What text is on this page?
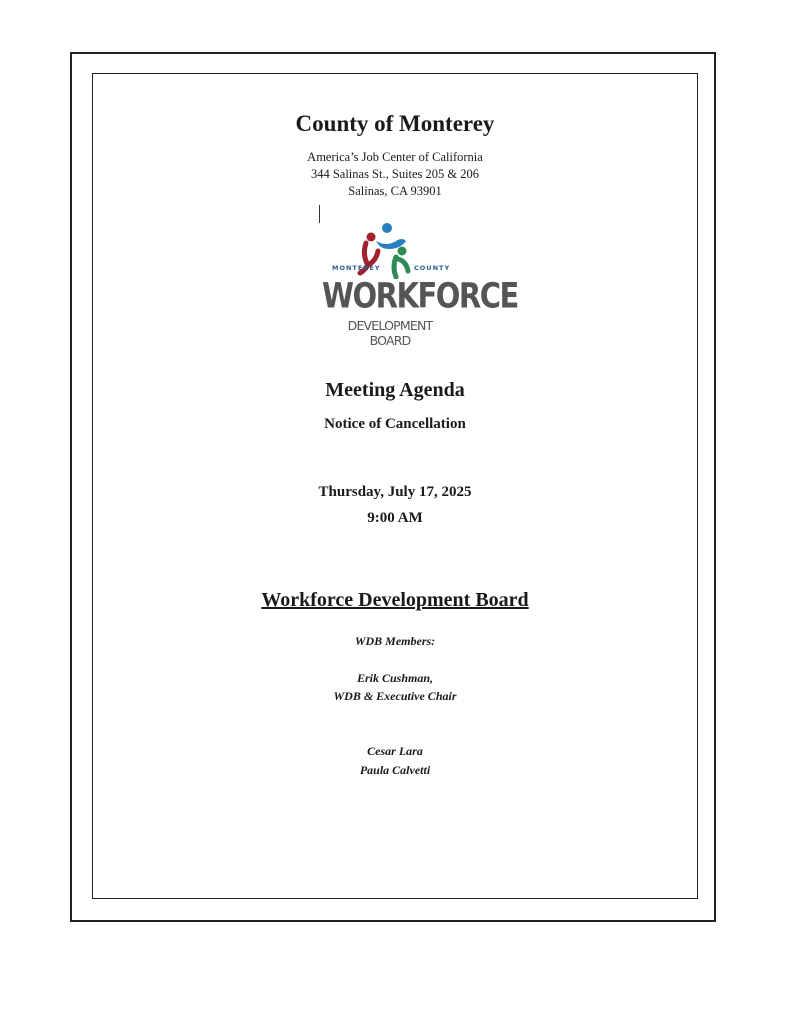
County of Monterey
America’s Job Center of California
344 Salinas St., Suites 205 & 206
Salinas, CA 93901
MONTEREY	COUNTY
WORKFORCE
DEVELOPMENT BOARD
Meeting Agenda
Notice of Cancellation
Thursday, July 17, 2025
9:00 AM
Workforce Development Board
WDB Members:
Erik Cushman,
WDB & Executive Chair
Cesar Lara
Paula Calvetti
